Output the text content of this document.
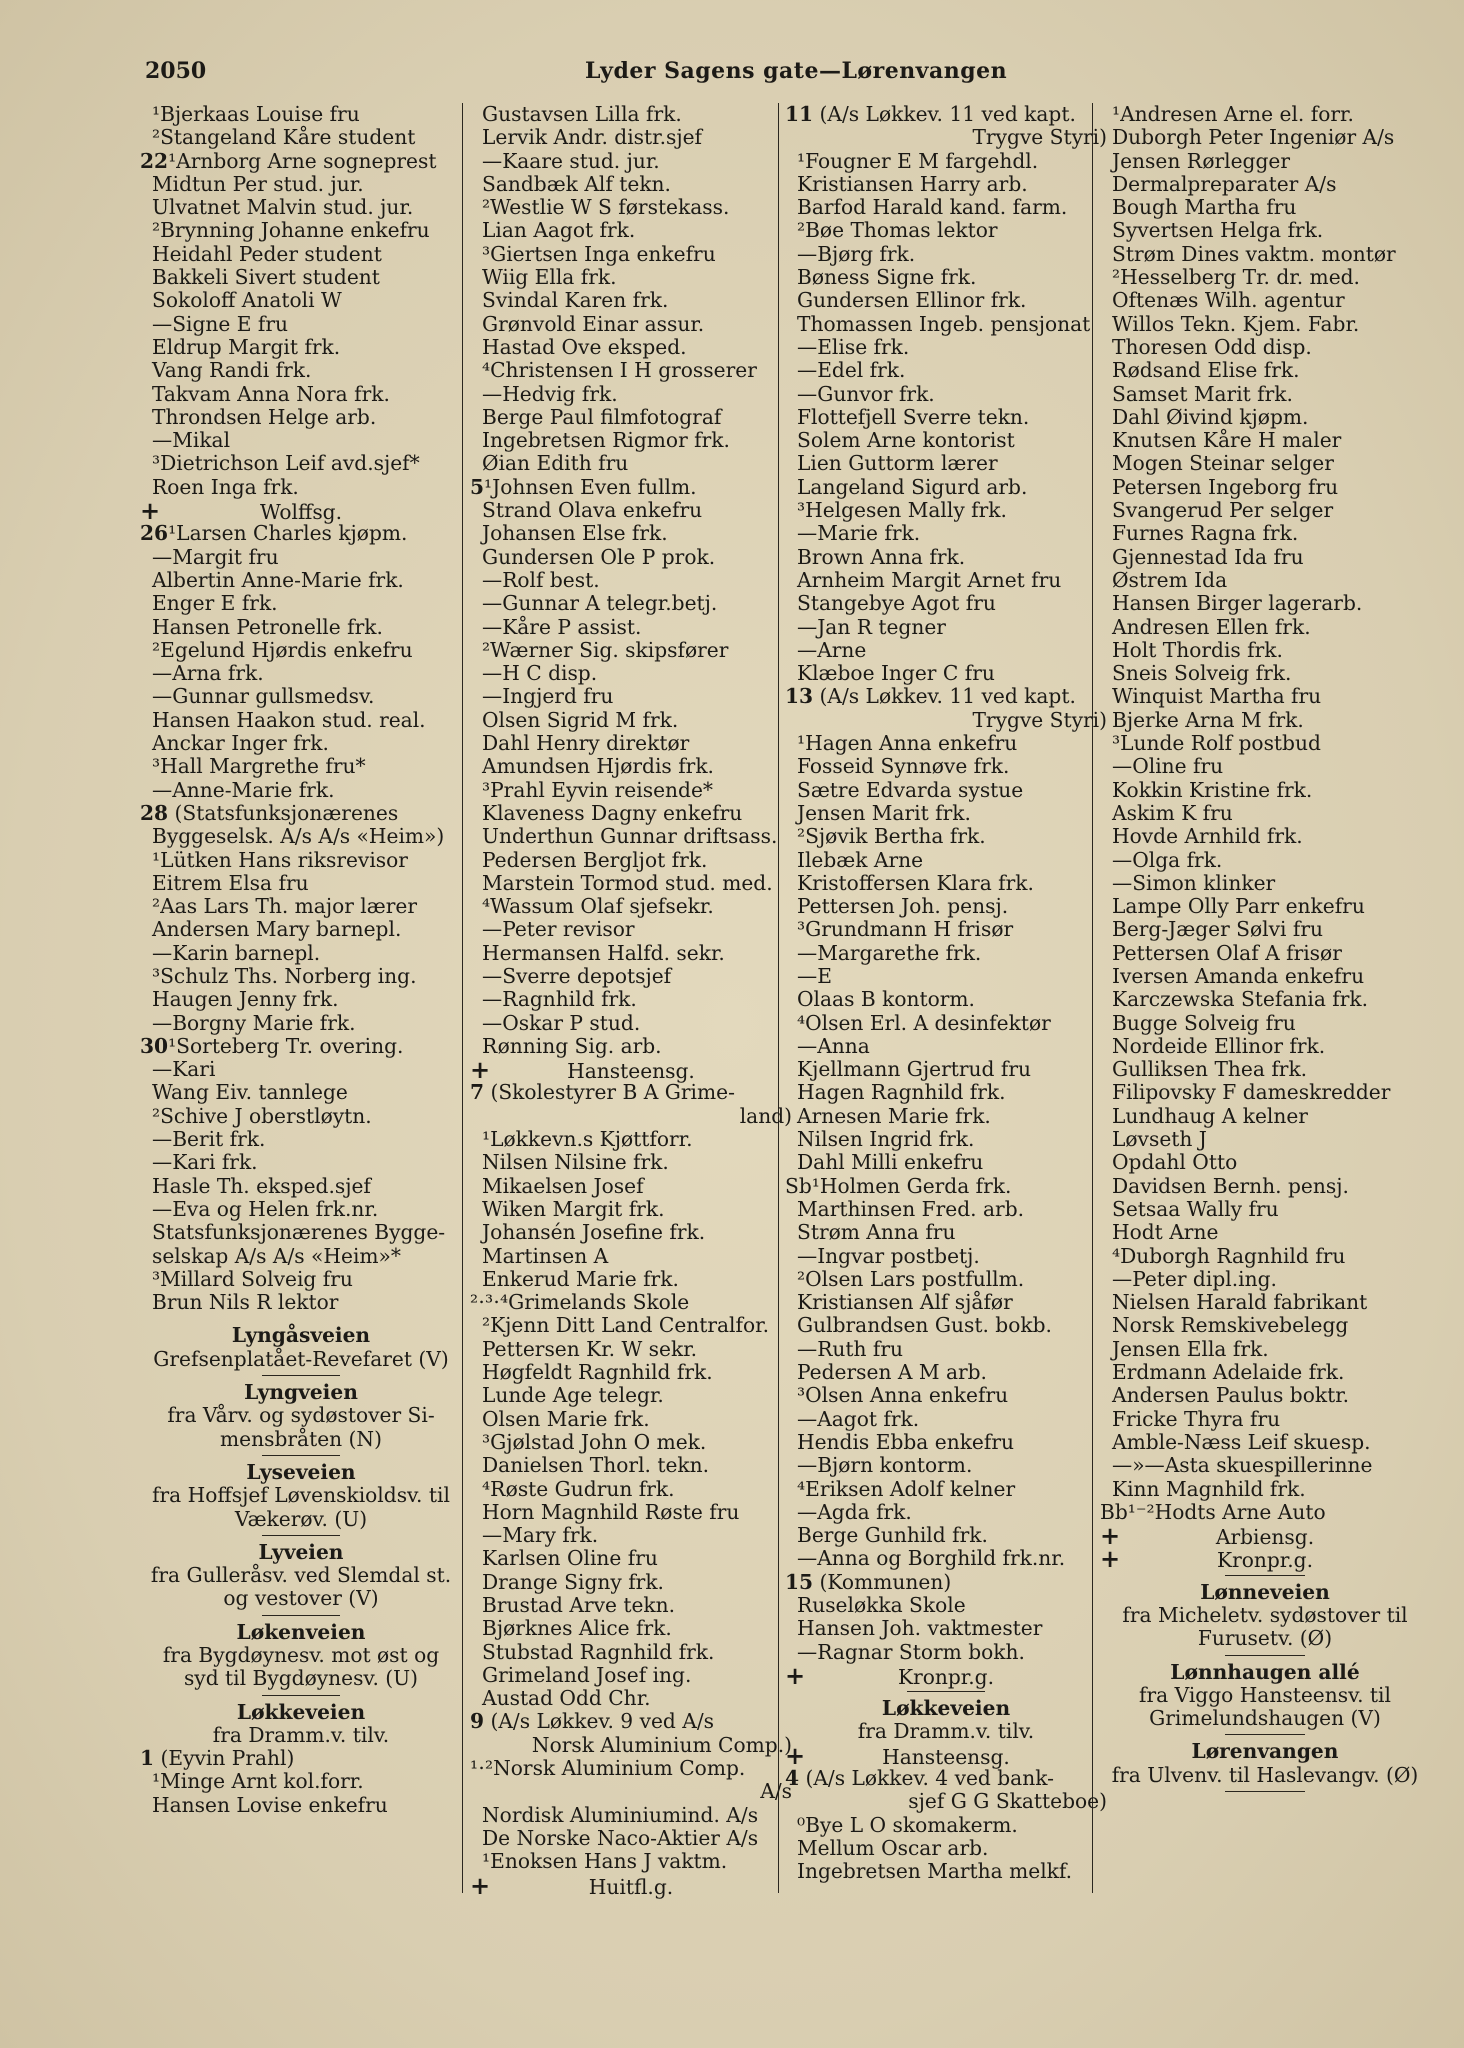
2050	Lyder Sagens gate—Lørenvangen
¹Bjerkaas Louise fru
²Stangeland Kåre student
22¹Arnborg Arne sogneprest
Midtun Per stud. jur.
Ulvatnet Malvin stud. jur.
²Brynning Johanne enkefru
Heidahl Peder student
Bakkeli Sivert student
Sokoloff Anatoli W
—Signe E fru
Eldrup Margit frk.
Vang Randi frk.
Takvam Anna Nora frk.
Throndsen Helge arb.
—Mikal
³Dietrichson Leif avd.sjef*
Roen Inga frk.
+	Wolffsg.
26¹Larsen Charles kjøpm.
—Margit fru
Albertin Anne-Marie frk.
Enger E frk.
Hansen Petronelle frk.
²Egelund Hjørdis enkefru
—Arna frk.
—Gunnar gullsmedsv.
Hansen Haakon stud. real.
Anckar Inger frk.
³Hall Margrethe fru*
—Anne-Marie frk.
28 (Statsfunksjonærenes
Byggeselsk. A/s A/s «Heim»)
¹Lütken Hans riksrevisor
Eitrem Elsa fru
²Aas Lars Th. major lærer
Andersen Mary barnepl.
—Karin barnepl.
³Schulz Ths. Norberg ing.
Haugen Jenny frk.
—Borgny Marie frk.
30¹Sorteberg Tr. overing.
—Kari
Wang Eiv. tannlege
²Schive J oberstløytn.
—Berit frk.
—Kari frk.
Hasle Th. eksped.sjef
—Eva og Helen frk.nr.
Statsfunksjonærenes Bygge-
selskap A/s A/s «Heim»*
³Millard Solveig fru
Brun Nils R lektor
Lyngåsveien
Grefsenplatået-Revefaret (V)
Lyngveien
fra Vårv. og sydøstover Si-
mensbråten (N)
Lyseveien
fra Hoffsjef Løvenskioldsv. til
Vækerøv. (U)
Lyveien
fra Gulleråsv. ved Slemdal st.
og vestover (V)
Løkenveien
fra Bygdøynesv. mot øst og
syd til Bygdøynesv. (U)
Løkkeveien
fra Dramm.v. tilv.
1 (Eyvin Prahl)
¹Minge Arnt kol.forr.
Hansen Lovise enkefru
Gustavsen Lilla frk.
Lervik Andr. distr.sjef
—Kaare stud. jur.
Sandbæk Alf tekn.
²Westlie W S førstekass.
Lian Aagot frk.
³Giertsen Inga enkefru
Wiig Ella frk.
Svindal Karen frk.
Grønvold Einar assur.
Hastad Ove eksped.
⁴Christensen I H grosserer
—Hedvig frk.
Berge Paul filmfotograf
Ingebretsen Rigmor frk.
Øian Edith fru
5¹Johnsen Even fullm.
Strand Olava enkefru
Johansen Else frk.
Gundersen Ole P prok.
—Rolf best.
—Gunnar A telegr.betj.
—Kåre P assist.
²Wærner Sig. skipsfører
—H C disp.
—Ingjerd fru
Olsen Sigrid M frk.
Dahl Henry direktør
Amundsen Hjørdis frk.
³Prahl Eyvin reisende*
Klaveness Dagny enkefru
Underthun Gunnar driftsass.
Pedersen Bergljot frk.
Marstein Tormod stud. med.
⁴Wassum Olaf sjefsekr.
—Peter revisor
Hermansen Halfd. sekr.
—Sverre depotsjef
—Ragnhild frk.
—Oskar P stud.
Rønning Sig. arb.
+	Hansteensg.
7 (Skolestyrer B A Grime-
land)
¹Løkkevn.s Kjøttforr.
Nilsen Nilsine frk.
Mikaelsen Josef
Wiken Margit frk.
Johansén Josefine frk.
Martinsen A
Enkerud Marie frk.
²⋅³⋅⁴Grimelands Skole
²Kjenn Ditt Land Centralfor.
Pettersen Kr. W sekr.
Høgfeldt Ragnhild frk.
Lunde Age telegr.
Olsen Marie frk.
³Gjølstad John O mek.
Danielsen Thorl. tekn.
⁴Røste Gudrun frk.
Horn Magnhild Røste fru
—Mary frk.
Karlsen Oline fru
Drange Signy frk.
Brustad Arve tekn.
Bjørknes Alice frk.
Stubstad Ragnhild frk.
Grimeland Josef ing.
Austad Odd Chr.
9 (A/s Løkkev. 9 ved A/s
Norsk Aluminium Comp.)
¹⋅²Norsk Aluminium Comp.
A/s
Nordisk Aluminiumind. A/s
De Norske Naco-Aktier A/s
¹Enoksen Hans J vaktm.
+	Huitfl.g.
11 (A/s Løkkev. 11 ved kapt.
Trygve Styri)
¹Fougner E M fargehdl.
Kristiansen Harry arb.
Barfod Harald kand. farm.
²Bøe Thomas lektor
—Bjørg frk.
Bøness Signe frk.
Gundersen Ellinor frk.
Thomassen Ingeb. pensjonat
—Elise frk.
—Edel frk.
—Gunvor frk.
Flottefjell Sverre tekn.
Solem Arne kontorist
Lien Guttorm lærer
Langeland Sigurd arb.
³Helgesen Mally frk.
—Marie frk.
Brown Anna frk.
Arnheim Margit Arnet fru
Stangebye Agot fru
—Jan R tegner
—Arne
Klæboe Inger C fru
13 (A/s Løkkev. 11 ved kapt.
Trygve Styri)
¹Hagen Anna enkefru
Fosseid Synnøve frk.
Sætre Edvarda systue
Jensen Marit frk.
²Sjøvik Bertha frk.
Ilebæk Arne
Kristoffersen Klara frk.
Pettersen Joh. pensj.
³Grundmann H frisør
—Margarethe frk.
—E
Olaas B kontorm.
⁴Olsen Erl. A desinfektør
—Anna
Kjellmann Gjertrud fru
Hagen Ragnhild frk.
Arnesen Marie frk.
Nilsen Ingrid frk.
Dahl Milli enkefru
Sb¹Holmen Gerda frk.
Marthinsen Fred. arb.
Strøm Anna fru
—Ingvar postbetj.
²Olsen Lars postfullm.
Kristiansen Alf sjåfør
Gulbrandsen Gust. bokb.
—Ruth fru
Pedersen A M arb.
³Olsen Anna enkefru
—Aagot frk.
Hendis Ebba enkefru
—Bjørn kontorm.
⁴Eriksen Adolf kelner
—Agda frk.
Berge Gunhild frk.
—Anna og Borghild frk.nr.
15 (Kommunen)
Ruseløkka Skole
Hansen Joh. vaktmester
—Ragnar Storm bokh.
+	Kronpr.g.
Løkkeveien
fra Dramm.v. tilv.
+	Hansteensg.
4 (A/s Løkkev. 4 ved bank-
sjef G G Skatteboe)
⁰Bye L O skomakerm.
Mellum Oscar arb.
Ingebretsen Martha melkf.
¹Andresen Arne el. forr.
Duborgh Peter Ingeniør A/s
Jensen Rørlegger
Dermalpreparater A/s
Bough Martha fru
Syvertsen Helga frk.
Strøm Dines vaktm. montør
²Hesselberg Tr. dr. med.
Oftenæs Wilh. agentur
Willos Tekn. Kjem. Fabr.
Thoresen Odd disp.
Rødsand Elise frk.
Samset Marit frk.
Dahl Øivind kjøpm.
Knutsen Kåre H maler
Mogen Steinar selger
Petersen Ingeborg fru
Svangerud Per selger
Furnes Ragna frk.
Gjennestad Ida fru
Østrem Ida
Hansen Birger lagerarb.
Andresen Ellen frk.
Holt Thordis frk.
Sneis Solveig frk.
Winquist Martha fru
Bjerke Arna M frk.
³Lunde Rolf postbud
—Oline fru
Kokkin Kristine frk.
Askim K fru
Hovde Arnhild frk.
—Olga frk.
—Simon klinker
Lampe Olly Parr enkefru
Berg-Jæger Sølvi fru
Pettersen Olaf A frisør
Iversen Amanda enkefru
Karczewska Stefania frk.
Bugge Solveig fru
Nordeide Ellinor frk.
Gulliksen Thea frk.
Filipovsky F dameskredder
Lundhaug A kelner
Løvseth J
Opdahl Otto
Davidsen Bernh. pensj.
Setsaa Wally fru
Hodt Arne
⁴Duborgh Ragnhild fru
—Peter dipl.ing.
Nielsen Harald fabrikant
Norsk Remskivebelegg
Jensen Ella frk.
Erdmann Adelaide frk.
Andersen Paulus boktr.
Fricke Thyra fru
Amble-Næss Leif skuesp.
—»—Asta skuespillerinne
Kinn Magnhild frk.
Bb¹⁻²Hodts Arne Auto
+	Arbiensg.
+	Kronpr.g.
Lønneveien
fra Micheletv. sydøstover til
Furusetv. (Ø)
Lønnhaugen allé
fra Viggo Hansteensv. til
Grimelundshaugen (V)
Lørenvangen
fra Ulvenv. til Haslevangv. (Ø)
